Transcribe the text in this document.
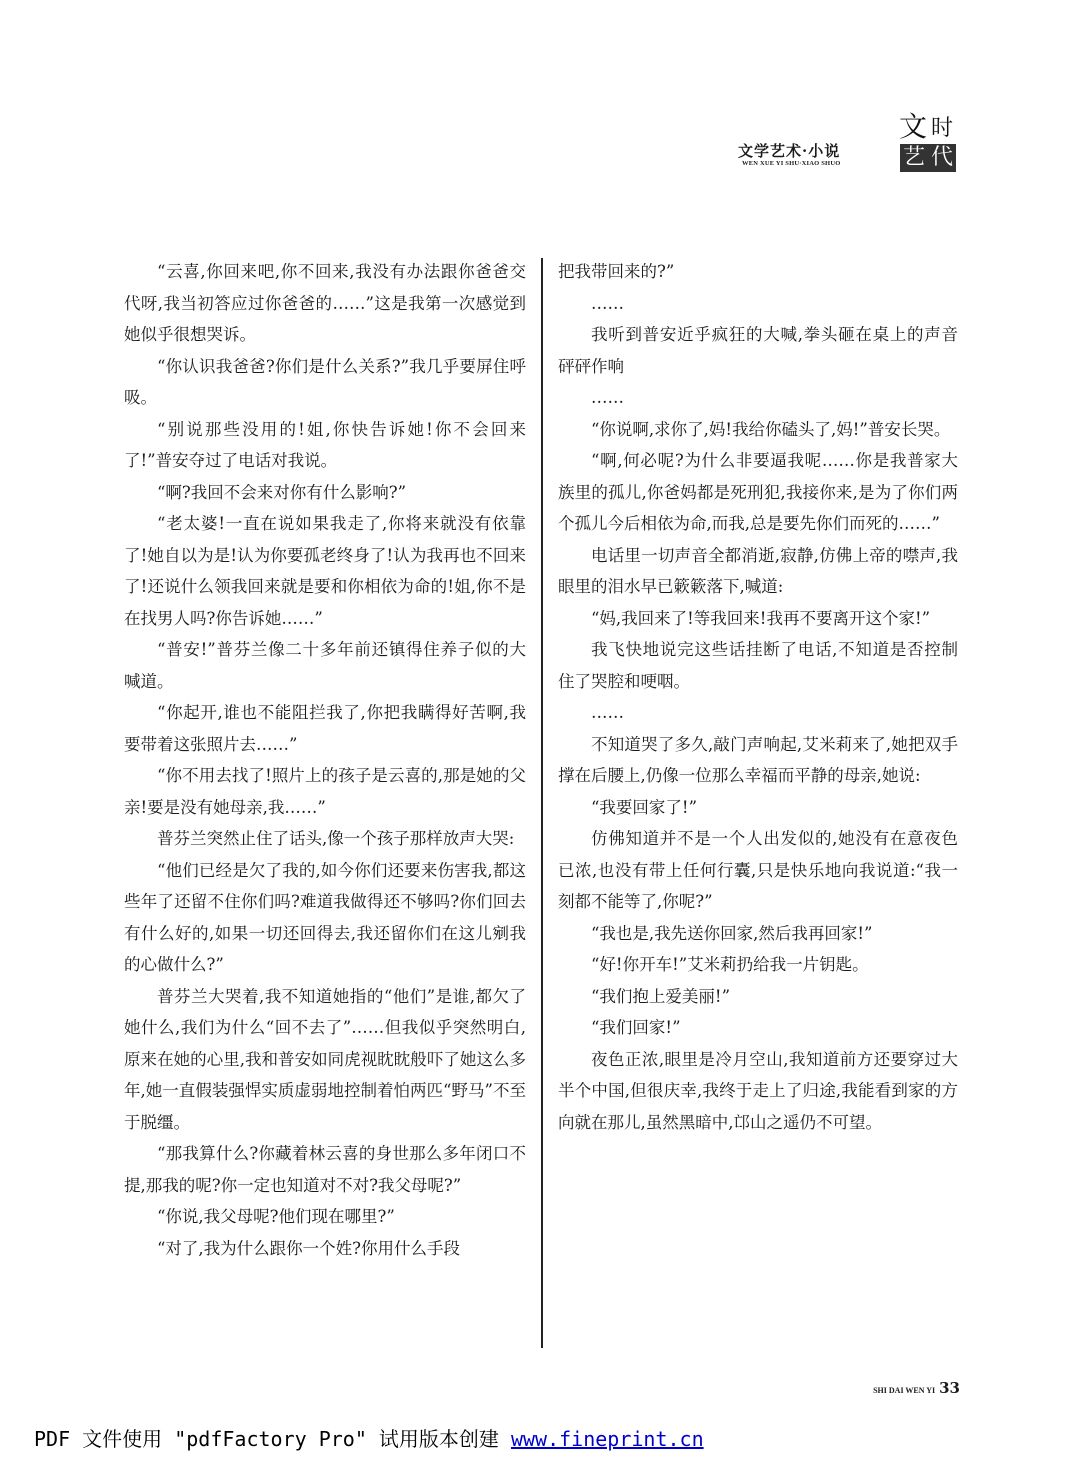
文学艺术·小说
WEN XUE YI SHU·XIAO SHUO
文 时
艺 代

“云喜,你回来吧,你不回来,我没有办法跟你爸爸交代呀,我当初答应过你爸爸的……”这是我第一次感觉到她似乎很想哭诉。

“你认识我爸爸?你们是什么关系?”我几乎要屏住呼吸。

“别说那些没用的!姐,你快告诉她!你不会回来了!”普安夺过了电话对我说。

“啊?我回不会来对你有什么影响?”

“老太婆!一直在说如果我走了,你将来就没有依靠了!她自以为是!认为你要孤老终身了!认为我再也不回来了!还说什么领我回来就是要和你相依为命的!姐,你不是在找男人吗?你告诉她……”

“普安!”普芬兰像二十多年前还镇得住养子似的大喊道。

“你起开,谁也不能阻拦我了,你把我瞒得好苦啊,我要带着这张照片去……”

“你不用去找了!照片上的孩子是云喜的,那是她的父亲!要是没有她母亲,我……”

普芬兰突然止住了话头,像一个孩子那样放声大哭:

“他们已经是欠了我的,如今你们还要来伤害我,都这些年了还留不住你们吗?难道我做得还不够吗?你们回去有什么好的,如果一切还回得去,我还留你们在这儿剜我的心做什么?”

普芬兰大哭着,我不知道她指的“他们”是谁,都欠了她什么,我们为什么“回不去了”……但我似乎突然明白,原来在她的心里,我和普安如同虎视眈眈般吓了她这么多年,她一直假装强悍实质虚弱地控制着怕两匹“野马”不至于脱缰。

“那我算什么?你藏着林云喜的身世那么多年闭口不提,那我的呢?你一定也知道对不对?我父母呢?”

“你说,我父母呢?他们现在哪里?”

“对了,我为什么跟你一个姓?你用什么手段

把我带回来的?”

……

我听到普安近乎疯狂的大喊,拳头砸在桌上的声音砰砰作响

……

“你说啊,求你了,妈!我给你磕头了,妈!”普安长哭。

“啊,何必呢?为什么非要逼我呢……你是我普家大族里的孤儿,你爸妈都是死刑犯,我接你来,是为了你们两个孤儿今后相依为命,而我,总是要先你们而死的……”

电话里一切声音全都消逝,寂静,仿佛上帝的噤声,我眼里的泪水早已簌簌落下,喊道:

“妈,我回来了!等我回来!我再不要离开这个家!”

我飞快地说完这些话挂断了电话,不知道是否控制住了哭腔和哽咽。

……

不知道哭了多久,敲门声响起,艾米莉来了,她把双手撑在后腰上,仍像一位那么幸福而平静的母亲,她说:

“我要回家了!”

仿佛知道并不是一个人出发似的,她没有在意夜色已浓,也没有带上任何行囊,只是快乐地向我说道:“我一刻都不能等了,你呢?”

“我也是,我先送你回家,然后我再回家!”

“好!你开车!”艾米莉扔给我一片钥匙。

“我们抱上爱美丽!”

“我们回家!”

夜色正浓,眼里是冷月空山,我知道前方还要穿过大半个中国,但很庆幸,我终于走上了归途,我能看到家的方向就在那儿,虽然黑暗中,邙山之遥仍不可望。

SHI DAI WEN YI 33
PDF 文件使用 "pdfFactory Pro" 试用版本创建 www.fineprint.cn
